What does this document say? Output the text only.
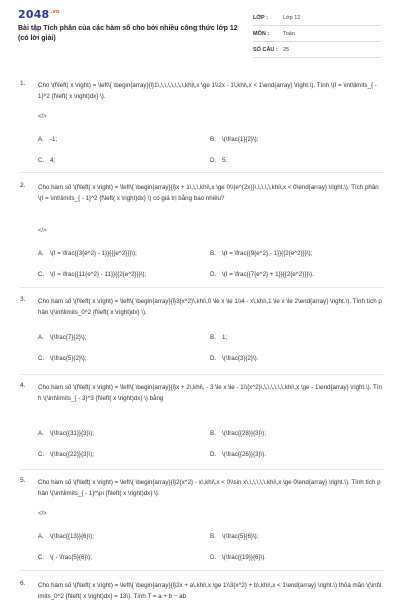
$2048^{.vn}$
Bài tập Tích phân của các hàm số cho bởi nhiều công thức lớp 12 (có lời giải)
LỚP :	Lớp 12
MÔN :	Toán
SỐ CÂU : 25
1. Cho \(f\left( x \right) = \left\{ \begin{array}{l}1\,\,\,\,\,\,\,\,khi\,x \ge 1\\2x - 1\,khi\,x < 1\end{array} \right.\). Tính \(I = \int\limits_{ - 1}^2 {f\left( x \right)dx} \).
</>
A. -1;	B. \(\frac{1}{2}\);
C. 4;	D. 5.
2. Cho hàm số \(f\left( x \right) = \left\{ \begin{array}{l}x + 1\,\,\,khi\,x \ge 0\\{e^{2x}}\,\,\,\,\,khi\,x < 0\end{array} \right.\). Tích phân \(I = \int\limits_{ - 1}^2 {f\left( x \right)dx} \) có giá trị bằng bao nhiêu?
</>
A. \(I = \frac{{3{e^2} - 1}}{{{e^2}}}\);	B. \(I = \frac{{9{e^2} - 1}}{{2{e^2}}}\);
C. \(I = \frac{{11{e^2} - 11}}{{2{e^2}}}\);	D. \(I = \frac{{7{e^2} + 1}}{{2{e^2}}}\).
3. Cho hàm số \(f\left( x \right) = \left\{ \begin{array}{l}3{x^2}\,khi\,0 \le x \le 1\\4 - x\,khi\,1 \le x \le 2\end{array} \right.\). Tính tích phân \(\int\limits_0^2 {f\left( x \right)dx} \).
A. \(\frac{7}{2}\);	B. 1;
C. \(\frac{5}{2}\);	D. \(\frac{3}{2}\).
4. Cho hàm số \(f\left( x \right) = \left\{ \begin{array}{l}x + 2\,khi\, - 3 \le x \le - 1\\{x^2}\,\,\,\,\,\,\,khi\,x \ge - 1\end{array} \right.\). Tính \(\int\limits_{ - 3}^3 {f\left( x \right)dx} \) bằng
A. \(\frac{{31}}{3}\);	B. \(\frac{{28}}{3}\);
C. \(\frac{{22}}{3}\);	D. \(\frac{{26}}{3}\).
5. Cho hàm số \(f\left( x \right) = \left\{ \begin{array}{l}2{x^2} - x\,khi\,x < 0\\sin x\,\,\,\,\,\,khi\,x \ge 0\end{array} \right.\). Tính tích phân \(\int\limits_{ - 1}^\pi {f\left( x \right)dx} \).
</>
A. \(\frac{{13}}{6}\);	B. \(\frac{5}{6}\);
C. \( - \frac{5}{6}\);	D. \(\frac{{19}}{6}\).
6. Cho hàm số \(f\left( x \right) = \left\{ \begin{array}{l}2x + a\,khi\,x \ge 1\\3{x^2} + b\,khi\,x < 1\end{array} \right.\) thỏa mãn \(\int\limits_0^2 {f\left( x \right)dx} = 13\). Tính T = a + b − ab
